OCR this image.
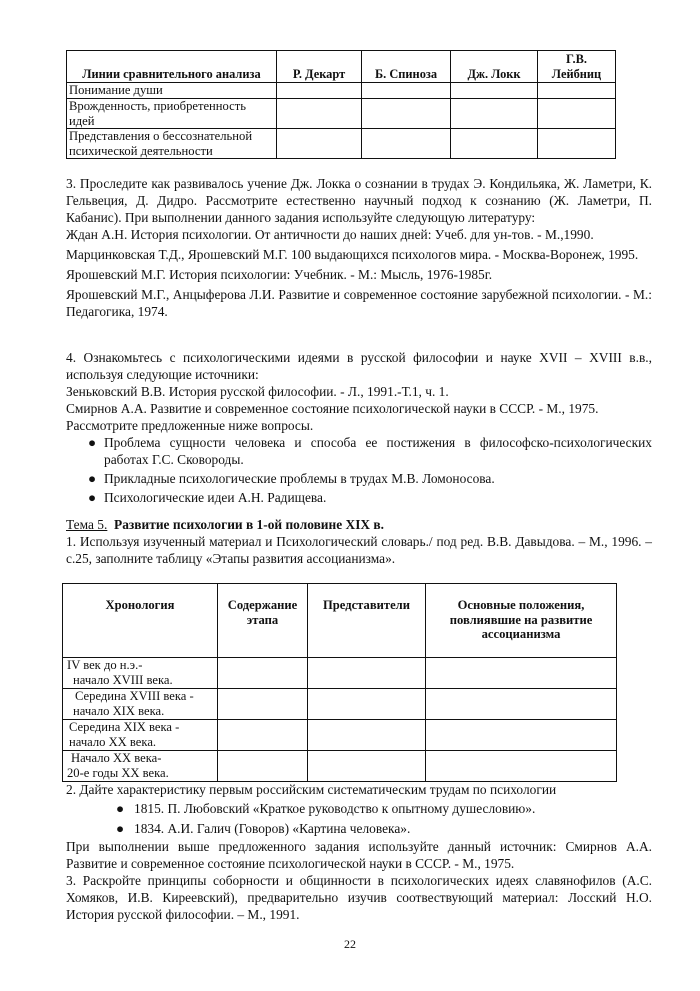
Линии сравнительного анализа	Р. Декарт	Б. Спиноза	Дж. Локк	Г.В. Лейбниц
Понимание души				
Врожденность, приобретенность идей				
Представления о бессознательной психической деятельности				

3. Проследите как развивалось учение Дж. Локка о сознании в трудах Э. Кондильяка, Ж. Ламетри, К. Гельвеция, Д. Дидро. Рассмотрите естественно научный подход к сознанию (Ж. Ламетри, П. Кабанис). При выполнении данного задания используйте следующую литературу:

Ждан А.Н. История психологии. От античности до наших дней: Учеб. для ун-тов. - М.,1990.

Марцинковская Т.Д., Ярошевский М.Г. 100 выдающихся психологов мира. - Москва-Воронеж, 1995.

Ярошевский М.Г. История психологии: Учебник. - М.: Мысль, 1976-1985г.

Ярошевский М.Г., Анцыферова Л.И. Развитие и современное состояние зарубежной психологии. - М.: Педагогика, 1974.

4. Ознакомьтесь с психологическими идеями в русской философии и науке XVII – XVIII в.в., используя следующие источники:

Зеньковский В.В. История русской философии. - Л., 1991.-Т.1, ч. 1.

Смирнов А.А. Развитие и современное состояние психологической науки в СССР. - М., 1975.

Рассмотрите предложенные ниже вопросы.

● Проблема сущности человека и способа ее постижения в философско-психологических работах Г.С. Сковороды.
● Прикладные психологические проблемы в трудах М.В. Ломоносова.
● Психологические идеи А.Н. Радищева.

Тема 5. Развитие психологии в 1-ой половине XIX в.

1. Используя изученный материал и Психологический словарь./ под ред. В.В. Давыдова. – М., 1996. – с.25, заполните таблицу «Этапы развития ассоцианизма».

Хронология	Содержание этапа	Представители	Основные положения, повлиявшие на развитие ассоцианизма

IV век до н.э.-
начало XVIII века.			

Середина XVIII века -
начало XIX века.			

Середина XIX века -
начало XX века.			

Начало XX века-
20-е годы XX века.			

2. Дайте характеристику первым российским систематическим трудам по психологии

● 1815. П. Любовский «Краткое руководство к опытному душесловию».
● 1834. А.И. Галич (Говоров) «Картина человека».

При выполнении выше предложенного задания используйте данный источник: Смирнов А.А. Развитие и современное состояние психологической науки в СССР. - М., 1975.

3. Раскройте принципы соборности и общинности в психологических идеях славянофилов (А.С. Хомяков, И.В. Киреевский), предварительно изучив соотвествующий материал: Лосский Н.О. История русской философии. – М., 1991.

22
